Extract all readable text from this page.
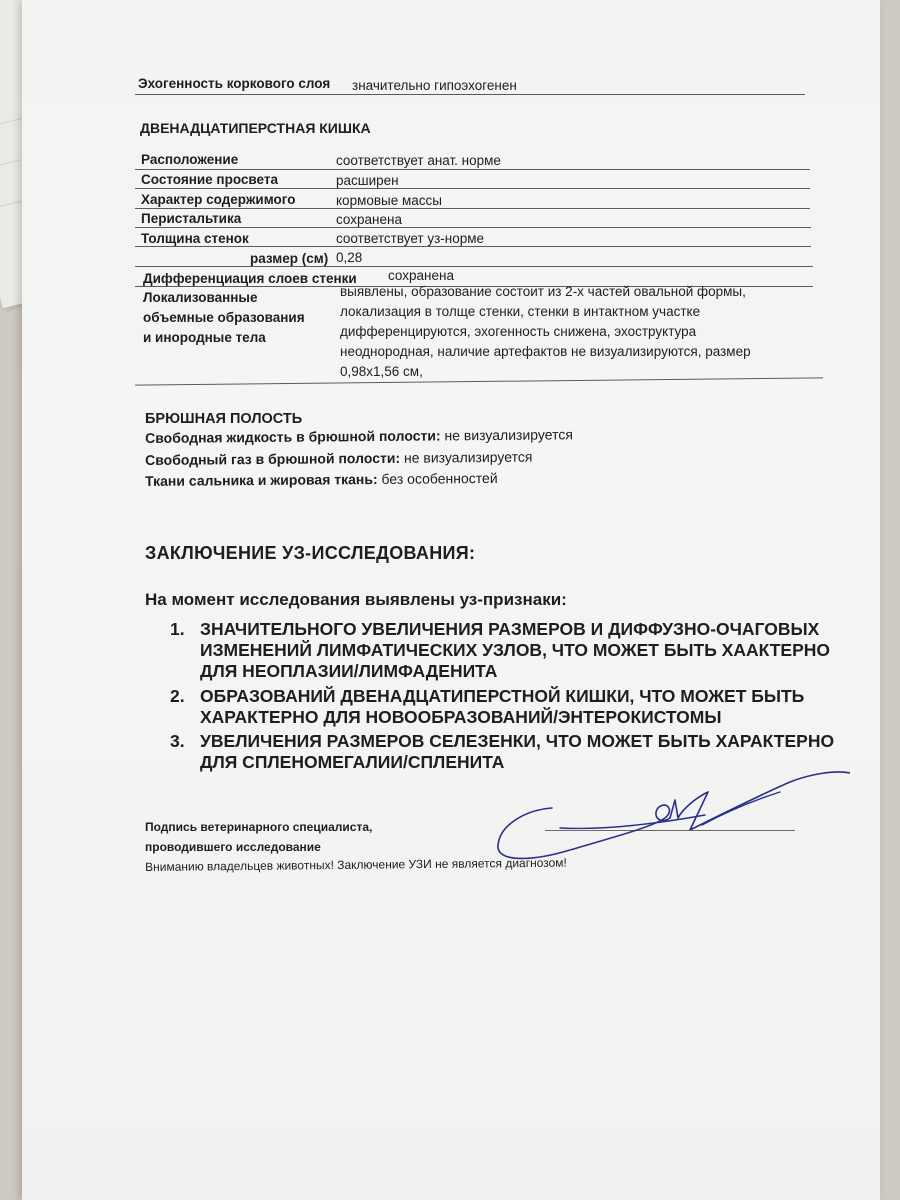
Эхогенность коркового слоя значительно гипоэхогенен
ДВЕНАДЦАТИПЕРСТНАЯ КИШКА
Расположение	соответствует анат. норме
Состояние просвета	расширен
Характер содержимого	кормовые массы
Перистальтика	сохранена
Толщина стенок	соответствует уз-норме
размер (см) 0,28
Дифференциация слоев стенки сохранена
Локализованные
объемные образования
и инородные тела
выявлены, образование состоит из 2-х частей овальной формы,
локализация в толще стенки, стенки в интактном участке
дифференцируются, эхогенность снижена, эхоструктура
неоднородная, наличие артефактов не визуализируются, размер
0,98х1,56 см,
БРЮШНАЯ ПОЛОСТЬ
Свободная жидкость в брюшной полости: не визуализируется
Свободный газ в брюшной полости: не визуализируется
Ткани сальника и жировая ткань: без особенностей
ЗАКЛЮЧЕНИЕ УЗ-ИССЛЕДОВАНИЯ:
На момент исследования выявлены уз-признаки:
1. ЗНАЧИТЕЛЬНОГО УВЕЛИЧЕНИЯ РАЗМЕРОВ И ДИФФУЗНО-ОЧАГОВЫХ ИЗМЕНЕНИЙ ЛИМФАТИЧЕСКИХ УЗЛОВ, ЧТО МОЖЕТ БЫТЬ ХААКТЕРНО ДЛЯ НЕОПЛАЗИИ/ЛИМФАДЕНИТА
2. ОБРАЗОВАНИЙ ДВЕНАДЦАТИПЕРСТНОЙ КИШКИ, ЧТО МОЖЕТ БЫТЬ ХАРАКТЕРНО ДЛЯ НОВООБРАЗОВАНИЙ/ЭНТЕРОКИСТОМЫ
3. УВЕЛИЧЕНИЯ РАЗМЕРОВ СЕЛЕЗЕНКИ, ЧТО МОЖЕТ БЫТЬ ХАРАКТЕРНО ДЛЯ СПЛЕНОМЕГАЛИИ/СПЛЕНИТА
Подпись ветеринарного специалиста,
проводившего исследование
Вниманию владельцев животных! Заключение УЗИ не является диагнозом!
